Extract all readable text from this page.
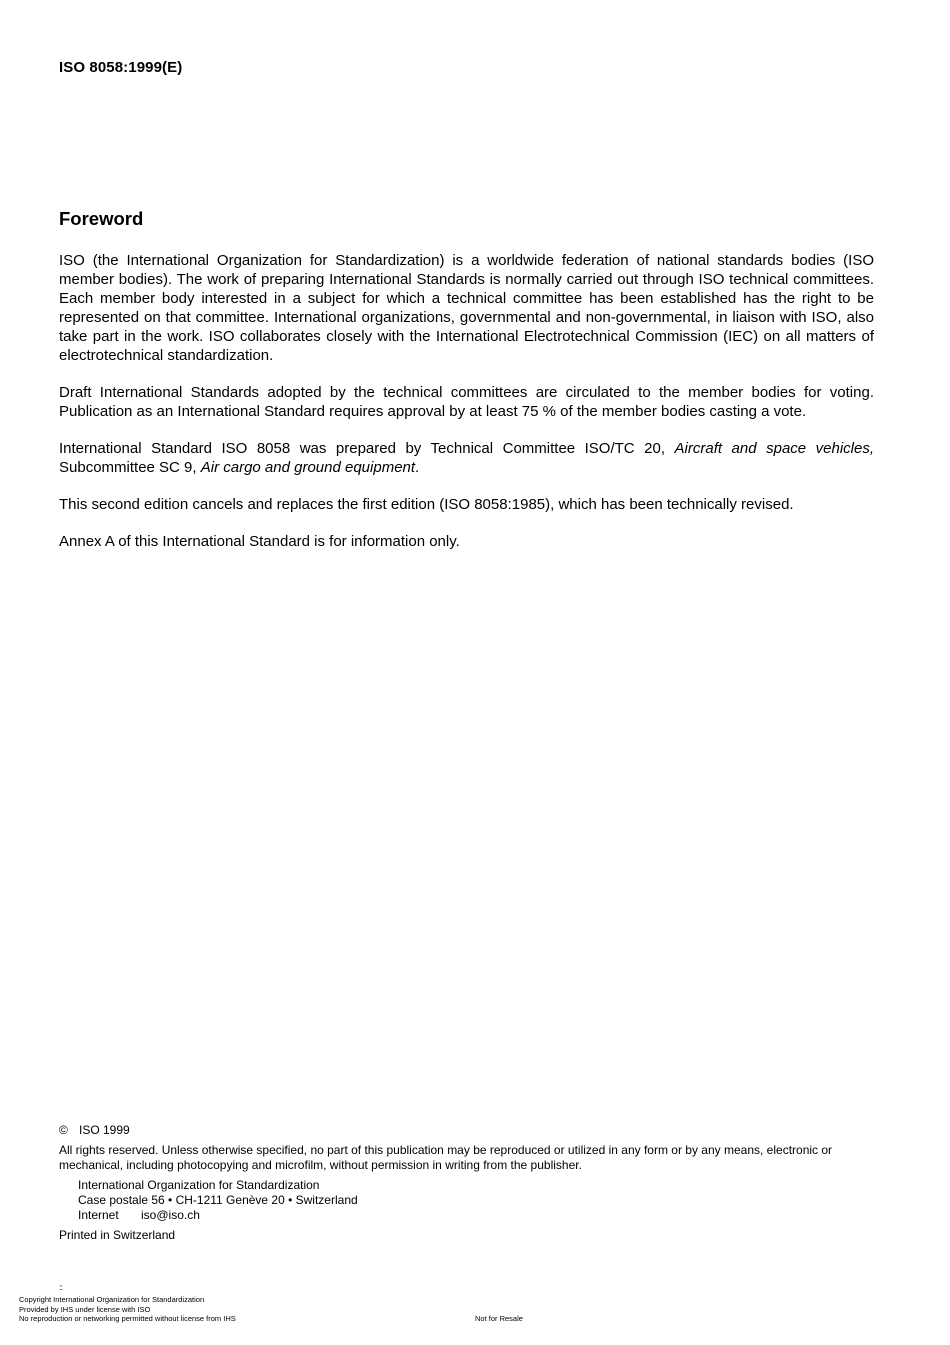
ISO 8058:1999(E)
Foreword

ISO (the International Organization for Standardization) is a worldwide federation of national standards bodies (ISO member bodies). The work of preparing International Standards is normally carried out through ISO technical committees. Each member body interested in a subject for which a technical committee has been established has the right to be represented on that committee. International organizations, governmental and non-governmental, in liaison with ISO, also take part in the work. ISO collaborates closely with the International Electrotechnical Commission (IEC) on all matters of electrotechnical standardization.

Draft International Standards adopted by the technical committees are circulated to the member bodies for voting. Publication as an International Standard requires approval by at least 75 % of the member bodies casting a vote.

International Standard ISO 8058 was prepared by Technical Committee ISO/TC 20, Aircraft and space vehicles, Subcommittee SC 9, Air cargo and ground equipment.

This second edition cancels and replaces the first edition (ISO 8058:1985), which has been technically revised.

Annex A of this International Standard is for information only.

© ISO 1999
All rights reserved. Unless otherwise specified, no part of this publication may be reproduced or utilized in any form or by any means, electronic or mechanical, including photocopying and microfilm, without permission in writing from the publisher.
International Organization for Standardization
Case postale 56 • CH-1211 Genève 20 • Switzerland
Internet iso@iso.ch
Printed in Switzerland
::
Copyright International Organization for Standardization
Provided by IHS under license with ISO
No reproduction or networking permitted without license from IHS	Not for Resale
